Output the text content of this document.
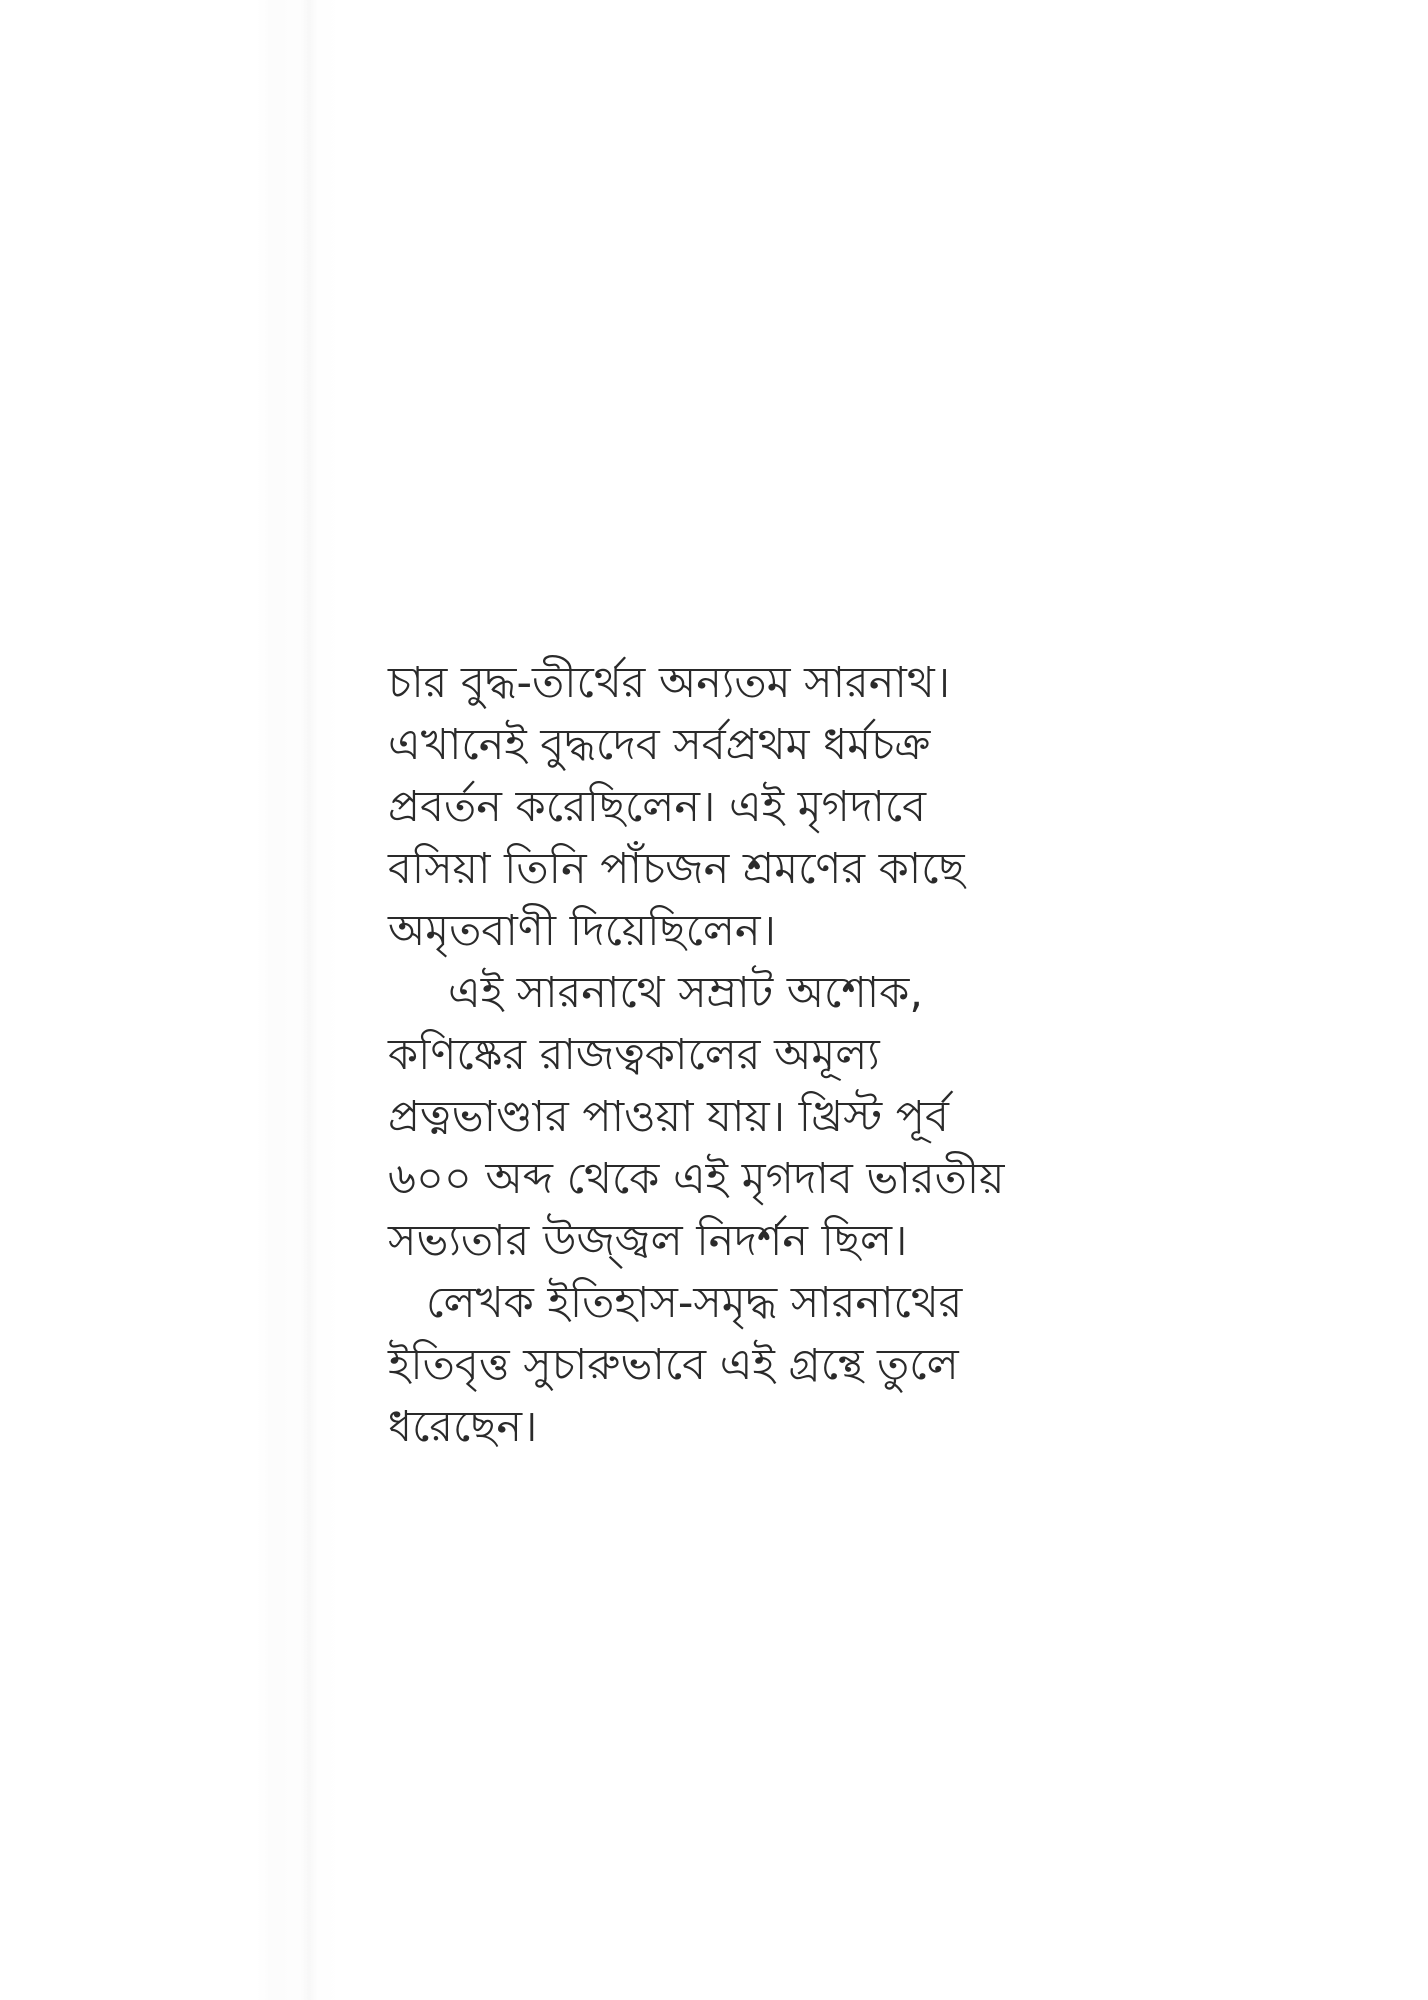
চার বুদ্ধ-তীর্থের অন্যতম সারনাথ।
এখানেই বুদ্ধদেব সর্বপ্রথম ধর্মচক্র
প্রবর্তন করেছিলেন। এই মৃগদাবে
বসিয়া তিনি পাঁচজন শ্রমণের কাছে
অমৃতবাণী দিয়েছিলেন।

এই সারনাথে সম্রাট অশোক,
কণিষ্কের রাজত্বকালের অমূল্য
প্রত্নভাণ্ডার পাওয়া যায়। খ্রিস্ট পূর্ব
৬০০ অব্দ থেকে এই মৃগদাব ভারতীয়
সভ্যতার উজ্জ্বল নিদর্শন ছিল।

লেখক ইতিহাস-সমৃদ্ধ সারনাথের
ইতিবৃত্ত সুচারুভাবে এই গ্রন্থে তুলে
ধরেছেন।
